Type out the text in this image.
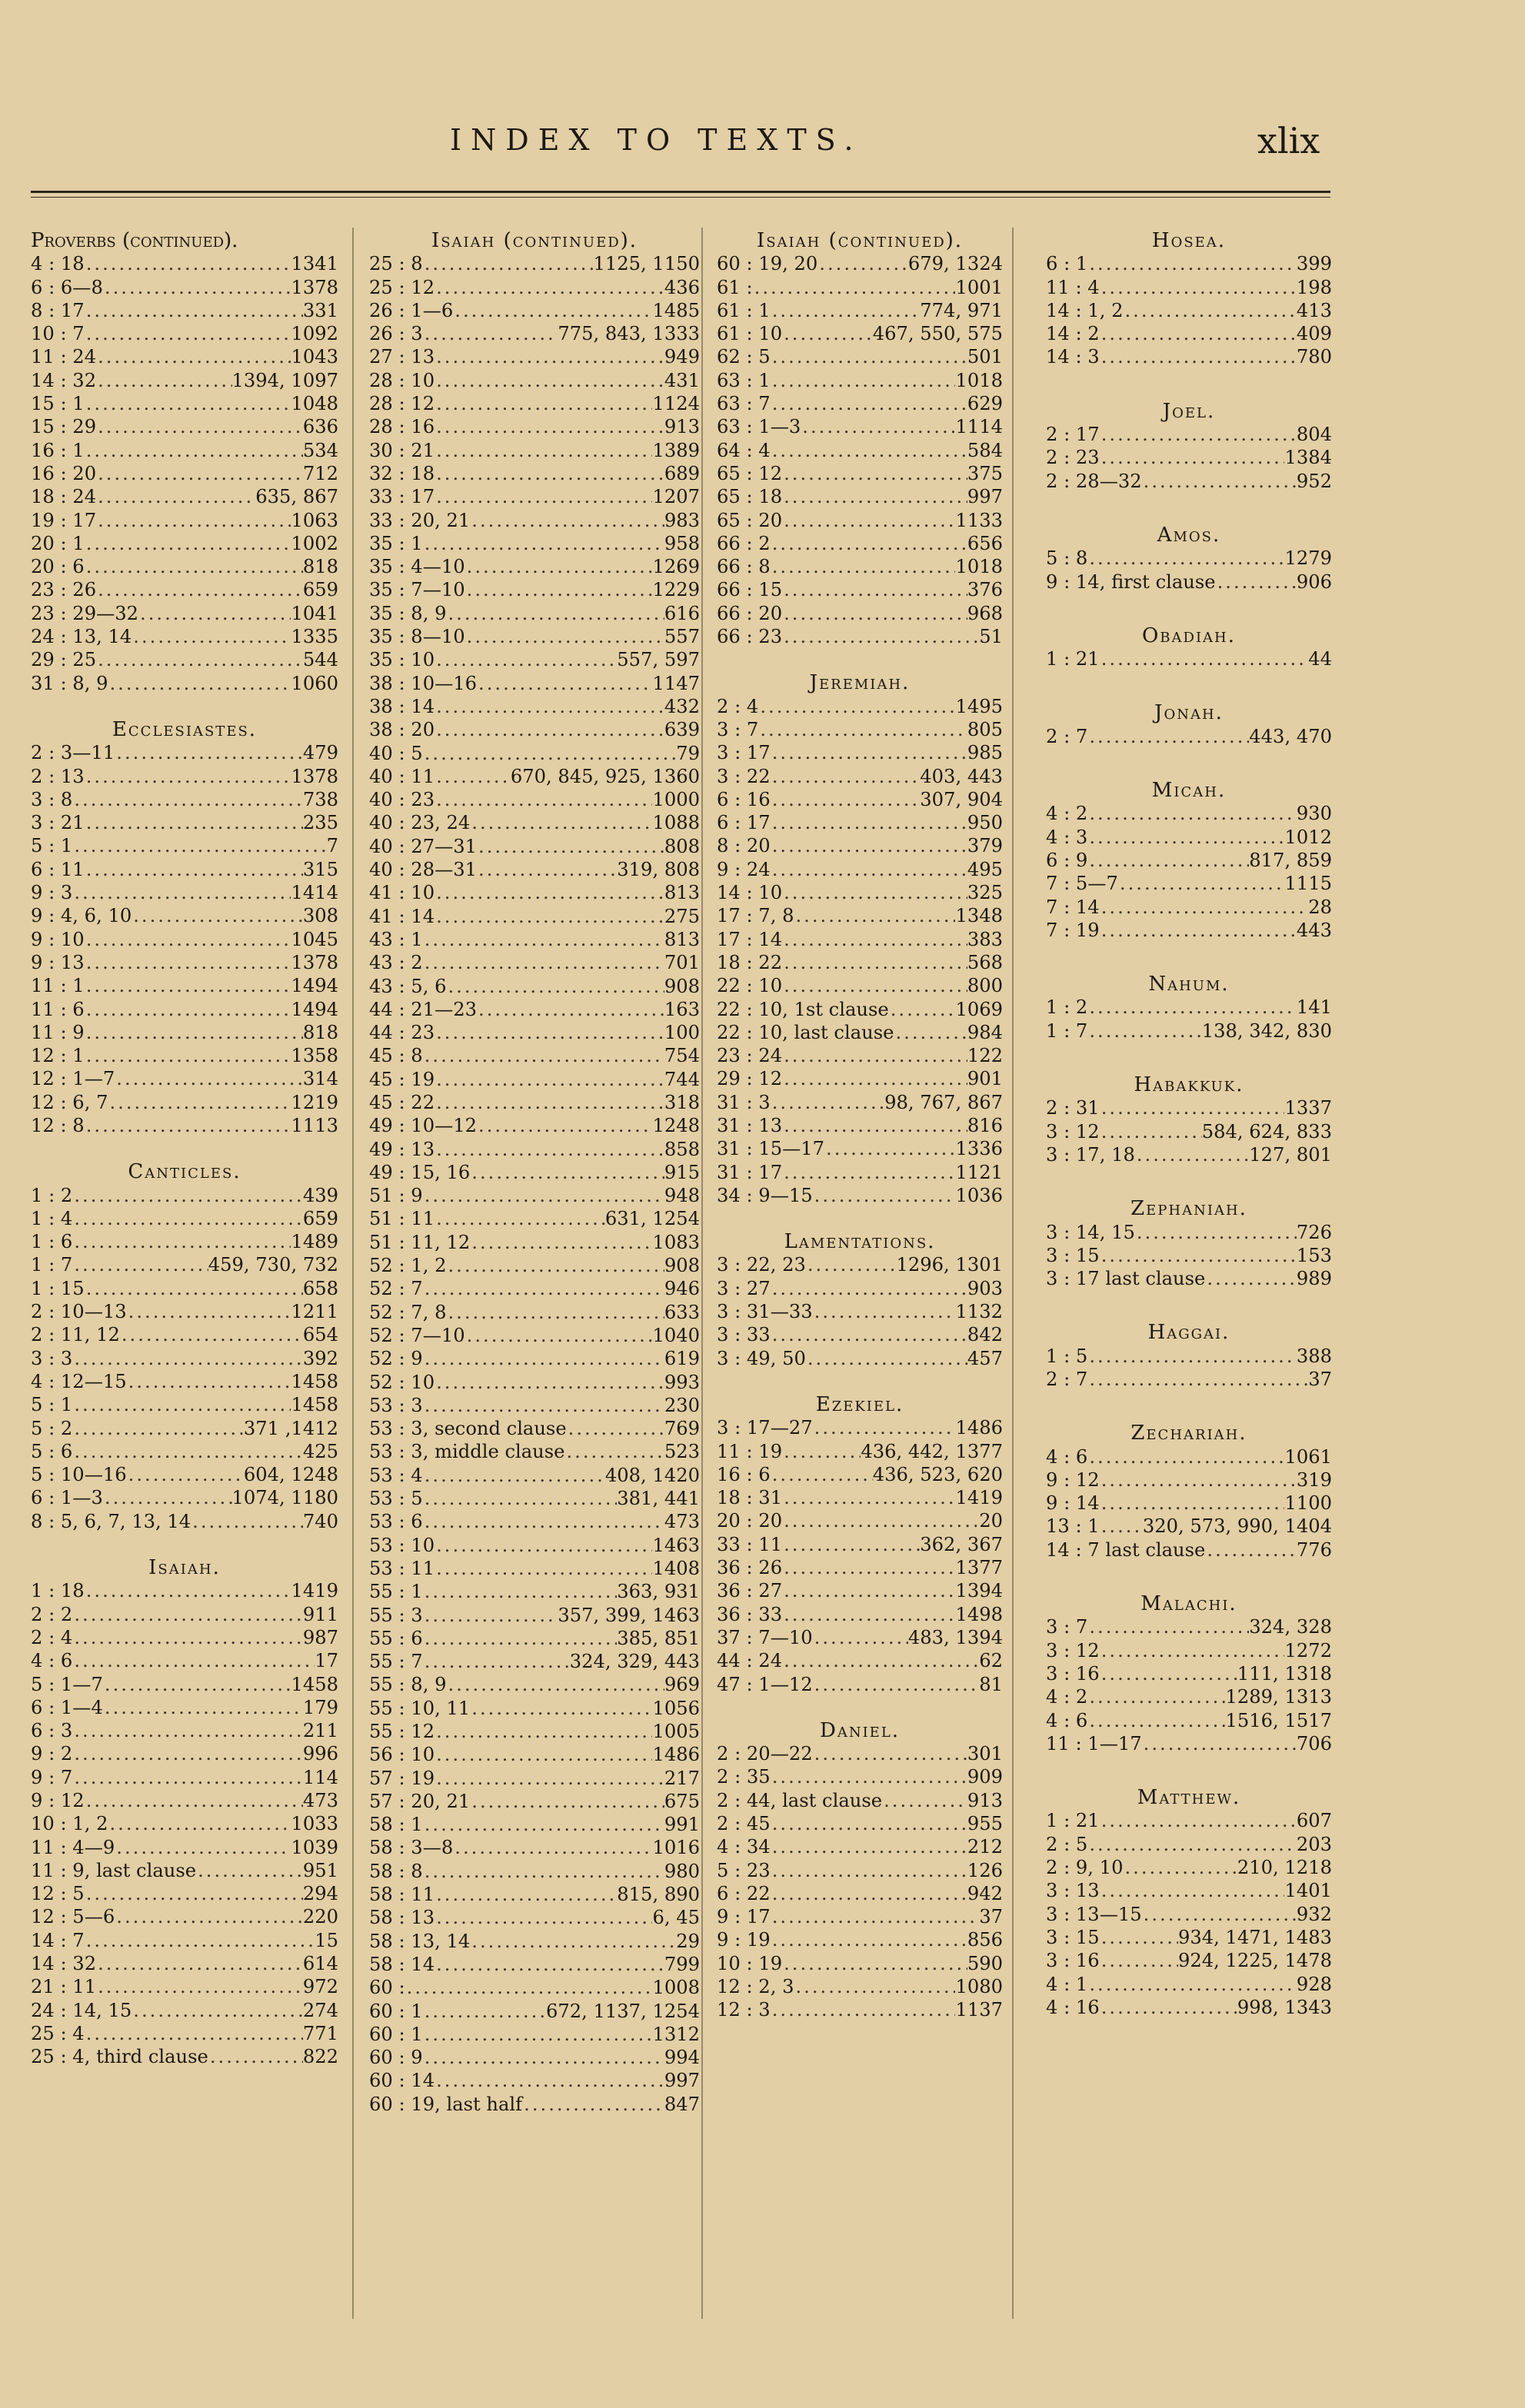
INDEX TO TEXTS.	xlix
Proverbs (continued).
4 : 18 .....	1341
6 : 6—8 .....	1378
8 : 17 .....	331
10 : 7 .....	1092
11 : 24 .....	1043
14 : 32 .....	1394, 1097
15 : 1 .....	1048
15 : 29 .....	636
16 : 1 .....	534
16 : 20 .....	712
18 : 24 .....	635, 867
19 : 17 .....	1063
20 : 1 .....	1002
20 : 6 .....	818
23 : 26 .....	659
23 : 29—32 .....	1041
24 : 13, 14 .....	1335
29 : 25 .....	544
31 : 8, 9 .....	1060
Ecclesiastes.
2 : 3—11 .....	479
2 : 13 .....	1378
3 : 8 .....	738
3 : 21 .....	235
5 : 1 .....	7
6 : 11 .....	315
9 : 3 .....	1414
9 : 4, 6, 10 .....	308
9 : 10 .....	1045
9 : 13 .....	1378
11 : 1 .....	1494
11 : 6 .....	1494
11 : 9 .....	818
12 : 1 .....	1358
12 : 1—7 .....	314
12 : 6, 7 .....	1219
12 : 8 .....	1113
Canticles.
1 : 2 .....	439
1 : 4 .....	659
1 : 6 .....	1489
1 : 7 .....	459, 730, 732
1 : 15 .....	658
2 : 10—13 .....	1211
2 : 11, 12 .....	654
3 : 3 .....	392
4 : 12—15 .....	1458
5 : 1 .....	1458
5 : 2 .....	371 ,1412
5 : 6 .....	425
5 : 10—16 .....	604, 1248
6 : 1—3 .....	1074, 1180
8 : 5, 6, 7, 13, 14 .....	740
Isaiah.
1 : 18 .....	1419
2 : 2 .....	911
2 : 4 .....	987
4 : 6 .....	17
5 : 1—7 .....	1458
6 : 1—4 .....	179
6 : 3 .....	211
9 : 2 .....	996
9 : 7 .....	114
9 : 12 .....	473
10 : 1, 2 .....	1033
11 : 4—9 .....	1039
11 : 9, last clause .....	951
12 : 5 .....	294
12 : 5—6 .....	220
14 : 7 .....	15
14 : 32 .....	614
21 : 11 .....	972
24 : 14, 15 .....	274
25 : 4 .....	771
25 : 4, third clause .....	822
Isaiah (continued).
25 : 8 .....	1125, 1150
25 : 12 .....	436
26 : 1—6 .....	1485
26 : 3 .....	775, 843, 1333
27 : 13 .....	949
28 : 10 .....	431
28 : 12 .....	1124
28 : 16 .....	913
30 : 21 .....	1389
32 : 18 .....	689
33 : 17 .....	1207
33 : 20, 21 .....	983
35 : 1 .....	958
35 : 4—10 .....	1269
35 : 7—10 .....	1229
35 : 8, 9 .....	616
35 : 8—10 .....	557
35 : 10 .....	557, 597
38 : 10—16 .....	1147
38 : 14 .....	432
38 : 20 .....	639
40 : 5 .....	79
40 : 11 .....	670, 845, 925, 1360
40 : 23 .....	1000
40 : 23, 24 .....	1088
40 : 27—31 .....	808
40 : 28—31 .....	319, 808
41 : 10 .....	813
41 : 14 .....	275
43 : 1 .....	813
43 : 2 .....	701
43 : 5, 6 .....	908
44 : 21—23 .....	163
44 : 23 .....	100
45 : 8 .....	754
45 : 19 .....	744
45 : 22 .....	318
49 : 10—12 .....	1248
49 : 13 .....	858
49 : 15, 16 .....	915
51 : 9 .....	948
51 : 11 .....	631, 1254
51 : 11, 12 .....	1083
52 : 1, 2 .....	908
52 : 7 .....	946
52 : 7, 8 .....	633
52 : 7—10 .....	1040
52 : 9 .....	619
52 : 10 .....	993
53 : 3 .....	230
53 : 3, second clause .....	769
53 : 3, middle clause .....	523
53 : 4 .....	408, 1420
53 : 5 .....	381, 441
53 : 6 .....	473
53 : 10 .....	1463
53 : 11 .....	1408
55 : 1 .....	363, 931
55 : 3 .....	357, 399, 1463
55 : 6 .....	385, 851
55 : 7 .....	324, 329, 443
55 : 8, 9 .....	969
55 : 10, 11 .....	1056
55 : 12 .....	1005
56 : 10 .....	1486
57 : 19 .....	217
57 : 20, 21 .....	675
58 : 1 .....	991
58 : 3—8 .....	1016
58 : 8 .....	980
58 : 11 .....	815, 890
58 : 13 .....	6, 45
58 : 13, 14 .....	29
58 : 14 .....	799
60 : .....	1008
60 : 1 .....	672, 1137, 1254
60 : 1 .....	1312
60 : 9 .....	994
60 : 14 .....	997
60 : 19, last half .....	847
Isaiah (continued).
60 : 19, 20 .....	679, 1324
61 : .....	1001
61 : 1 .....	774, 971
61 : 10 .....	467, 550, 575
62 : 5 .....	501
63 : 1 .....	1018
63 : 7 .....	629
63 : 1—3 .....	1114
64 : 4 .....	584
65 : 12 .....	375
65 : 18 .....	997
65 : 20 .....	1133
66 : 2 .....	656
66 : 8 .....	1018
66 : 15 .....	376
66 : 20 .....	968
66 : 23 .....	51
Jeremiah.
2 : 4 .....	1495
3 : 7 .....	805
3 : 17 .....	985
3 : 22 .....	403, 443
6 : 16 .....	307, 904
6 : 17 .....	950
8 : 20 .....	379
9 : 24 .....	495
14 : 10 .....	325
17 : 7, 8 .....	1348
17 : 14 .....	383
18 : 22 .....	568
22 : 10 .....	800
22 : 10, 1st clause .....	1069
22 : 10, last clause .....	984
23 : 24 .....	122
29 : 12 .....	901
31 : 3 .....	98, 767, 867
31 : 13 .....	816
31 : 15—17 .....	1336
31 : 17 .....	1121
34 : 9—15 .....	1036
Lamentations.
3 : 22, 23 .....	1296, 1301
3 : 27 .....	903
3 : 31—33 .....	1132
3 : 33 .....	842
3 : 49, 50 .....	457
Ezekiel.
3 : 17—27 .....	1486
11 : 19 .....	436, 442, 1377
16 : 6 .....	436, 523, 620
18 : 31 .....	1419
20 : 20 .....	20
33 : 11 .....	362, 367
36 : 26 .....	1377
36 : 27 .....	1394
36 : 33 .....	1498
37 : 7—10 .....	483, 1394
44 : 24 .....	62
47 : 1—12 .....	81
Daniel.
2 : 20—22 .....	301
2 : 35 .....	909
2 : 44, last clause .....	913
2 : 45 .....	955
4 : 34 .....	212
5 : 23 .....	126
6 : 22 .....	942
9 : 17 .....	37
9 : 19 .....	856
10 : 19 .....	590
12 : 2, 3 .....	1080
12 : 3 .....	1137
Hosea.
6 : 1 .....	399
11 : 4 .....	198
14 : 1, 2 .....	413
14 : 2 .....	409
14 : 3 .....	780
Joel.
2 : 17 .....	804
2 : 23 .....	1384
2 : 28—32 .....	952
Amos.
5 : 8 .....	1279
9 : 14, first clause .....	906
Obadiah.
1 : 21 .....	44
Jonah.
2 : 7 .....	443, 470
Micah.
4 : 2 .....	930
4 : 3 .....	1012
6 : 9 .....	817, 859
7 : 5—7 .....	1115
7 : 14 .....	28
7 : 19 .....	443
Nahum.
1 : 2 .....	141
1 : 7 .....	138, 342, 830
Habakkuk.
2 : 31 .....	1337
3 : 12 .....	584, 624, 833
3 : 17, 18 .....	127, 801
Zephaniah.
3 : 14, 15 .....	726
3 : 15 .....	153
3 : 17 last clause .....	989
Haggai.
1 : 5 .....	388
2 : 7 .....	37
Zechariah.
4 : 6 .....	1061
9 : 12 .....	319
9 : 14 .....	1100
13 : 1 ..... 320, 573, 990, 1404
14 : 7 last clause .....	776
Malachi.
3 : 7 .....	324, 328
3 : 12 .....	1272
3 : 16 .....	111, 1318
4 : 2 .....	1289, 1313
4 : 6 .....	1516, 1517
11 : 1—17 .....	706
Matthew.
1 : 21 .....	607
2 : 5 .....	203
2 : 9, 10 .....	210, 1218
3 : 13 .....	1401
3 : 13—15 .....	932
3 : 15 .....	934, 1471, 1483
3 : 16 .....	924, 1225, 1478
4 : 1 .....	928
4 : 16 .....	998, 1343
